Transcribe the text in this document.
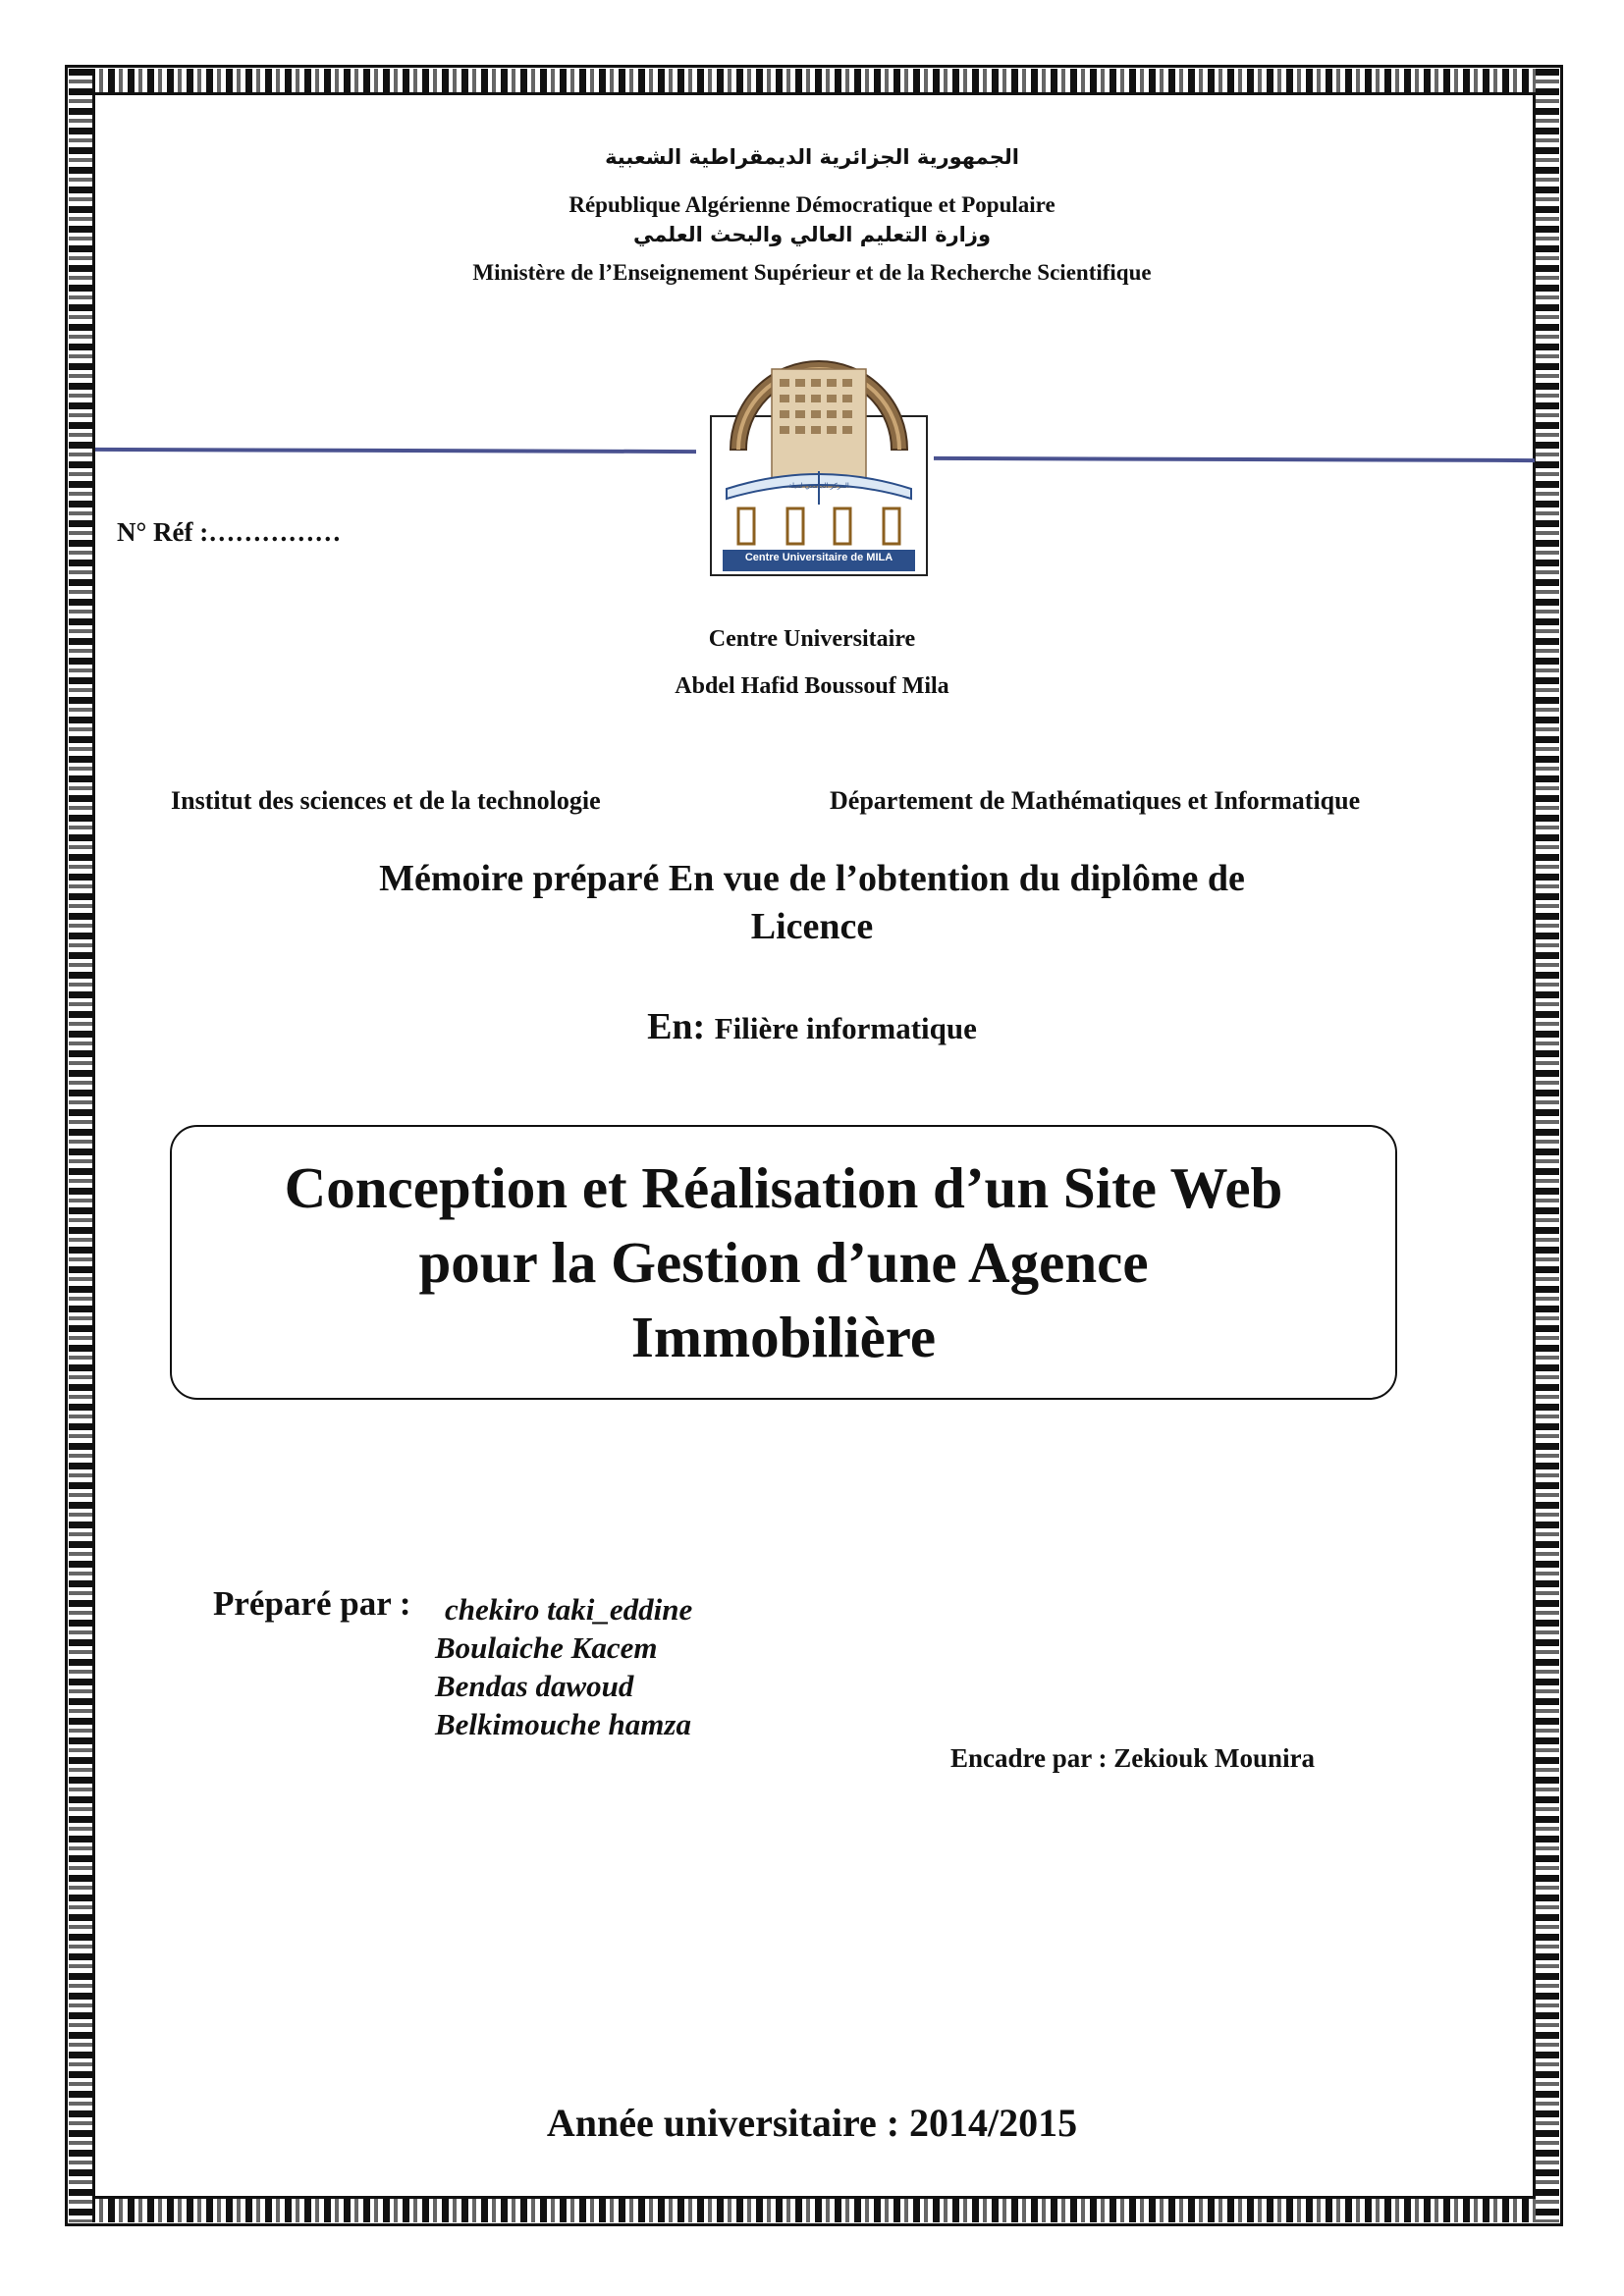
الجمهورية الجزائرية الديمقراطية الشعبية
République Algérienne Démocratique et Populaire
وزارة التعليم العالي والبحث العلمي
Ministère de l’Enseignement Supérieur et de la Recherche Scientifique
Centre Universitaire de MILA
المركز الجامعي لميلة
N° Réf :……………
Centre Universitaire
Abdel Hafid Boussouf Mila
Institut des sciences et de la technologie	Département de Mathématiques et Informatique
Mémoire préparé En vue de l’obtention du diplôme de
Licence
En: Filière informatique
Conception et Réalisation d’un Site Web
pour la Gestion d’une Agence
Immobilière
Préparé par : chekiro taki_eddine
Boulaiche Kacem
Bendas dawoud
Belkimouche hamza
Encadre par : Zekiouk Mounira
Année universitaire : 2014/2015
